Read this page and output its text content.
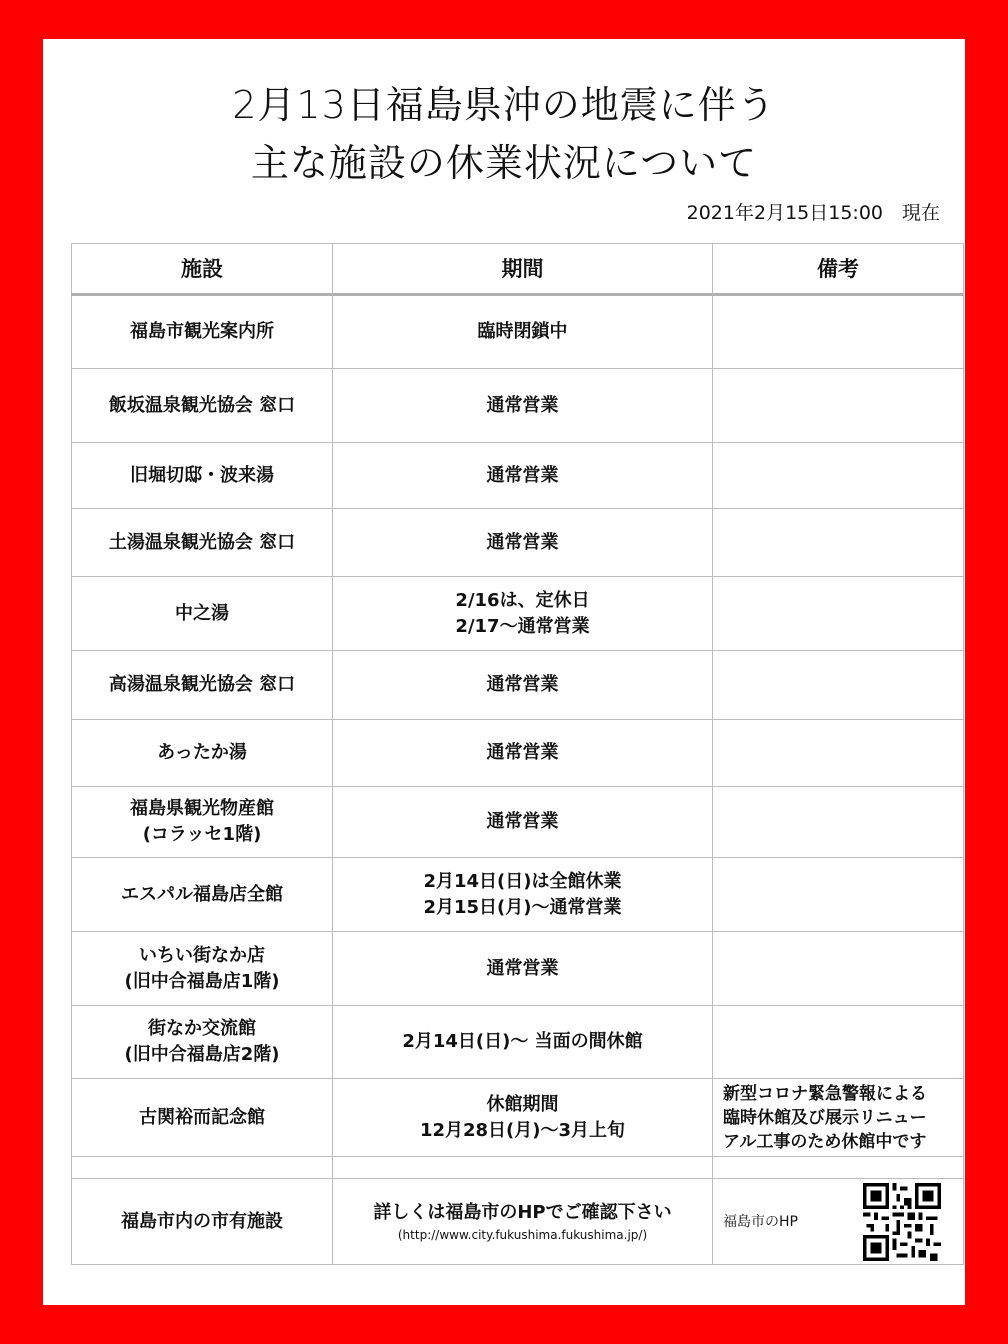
2月13日福島県沖の地震に伴う
主な施設の休業状況について
2021年2月15日15:00　現在
施設	期間	備考

福島市観光案内所	臨時閉鎖中	

飯坂温泉観光協会 窓口	通常営業	

旧堀切邸・波来湯	通常営業	

土湯温泉観光協会 窓口	通常営業	

中之湯	2/16は、定休日
2/17～通常営業	

高湯温泉観光協会 窓口	通常営業	

あったか湯	通常営業	

福島県観光物産館
(コラッセ1階)	通常営業	

エスパル福島店全館	2月14日(日)は全館休業
2月15日(月)～通常営業	

いちい街なか店
(旧中合福島店1階)	通常営業	

街なか交流館
(旧中合福島店2階)	2月14日(日)～ 当面の間休館	

古関裕而記念館	休館期間
12月28日(月)～3月上旬	新型コロナ緊急警報による
臨時休館及び展示リニュー
アル工事のため休館中です

福島市内の市有施設	詳しくは福島市のHPでご確認下さい
(http://www.city.fukushima.fukushima.jp/)	福島市のHP
